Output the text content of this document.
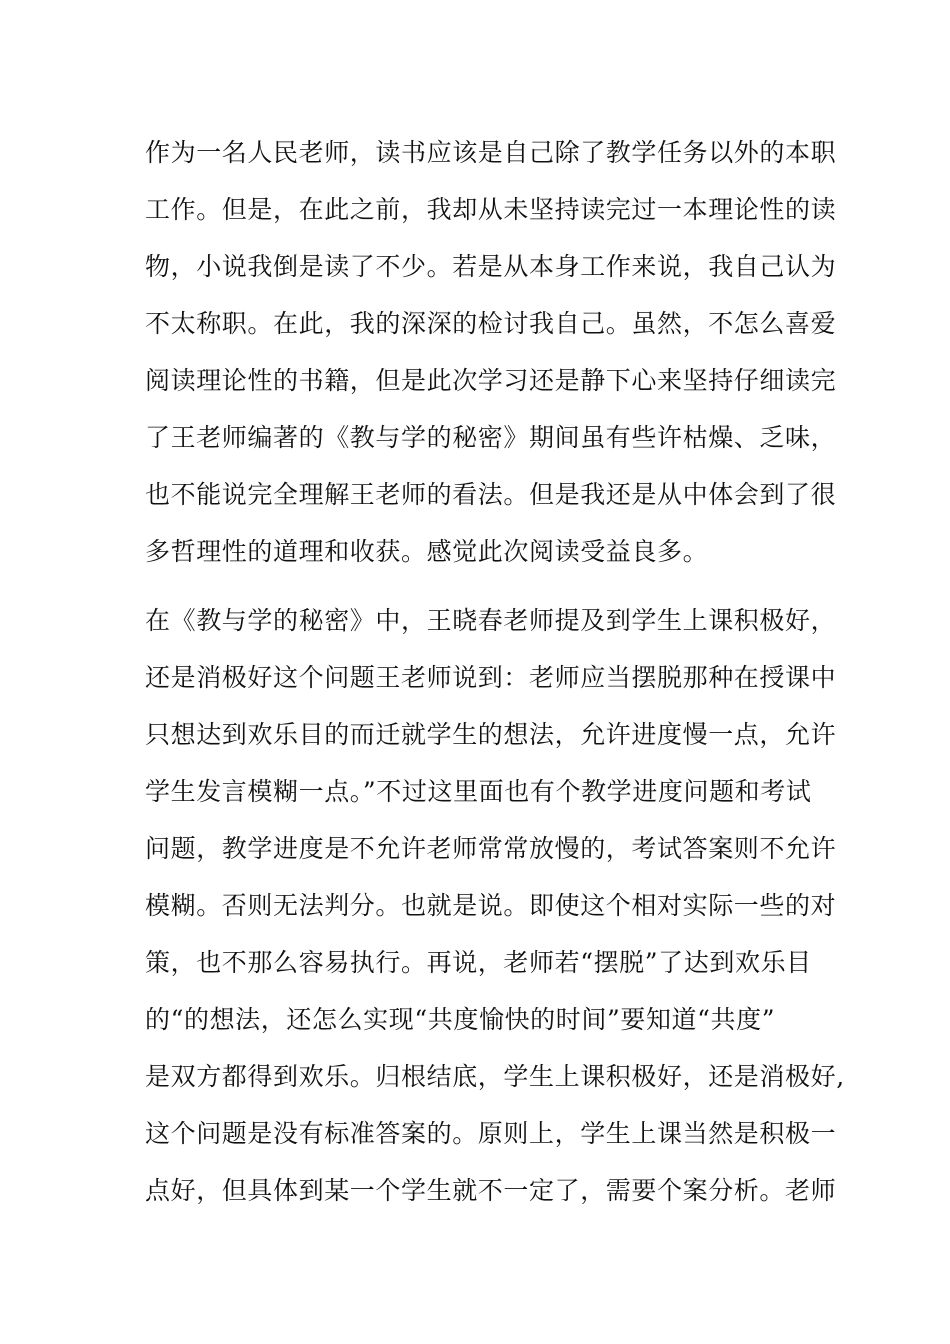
作为一名人民老师，读书应该是自己除了教学任务以外的本职
工作。但是，在此之前，我却从未坚持读完过一本理论性的读
物，小说我倒是读了不少。若是从本身工作来说，我自己认为
不太称职。在此，我的深深的检讨我自己。虽然，不怎么喜爱
阅读理论性的书籍，但是此次学习还是静下心来坚持仔细读完
了王老师编著的《教与学的秘密》期间虽有些许枯燥、乏味，
也不能说完全理解王老师的看法。但是我还是从中体会到了很
多哲理性的道理和收获。感觉此次阅读受益良多。
在《教与学的秘密》中，王晓春老师提及到学生上课积极好，
还是消极好这个问题王老师说到：老师应当摆脱那种在授课中
只想达到欢乐目的而迁就学生的想法，允许进度慢一点，允许
学生发言模糊一点。”不过这里面也有个教学进度问题和考试
问题，教学进度是不允许老师常常放慢的，考试答案则不允许
模糊。否则无法判分。也就是说。即使这个相对实际一些的对
策，也不那么容易执行。再说，老师若“摆脱”了达到欢乐目
的“的想法，还怎么实现“共度愉快的时间”要知道“共度”
是双方都得到欢乐。归根结底，学生上课积极好，还是消极好,
这个问题是没有标准答案的。原则上，学生上课当然是积极一
点好，但具体到某一个学生就不一定了，需要个案分析。老师
